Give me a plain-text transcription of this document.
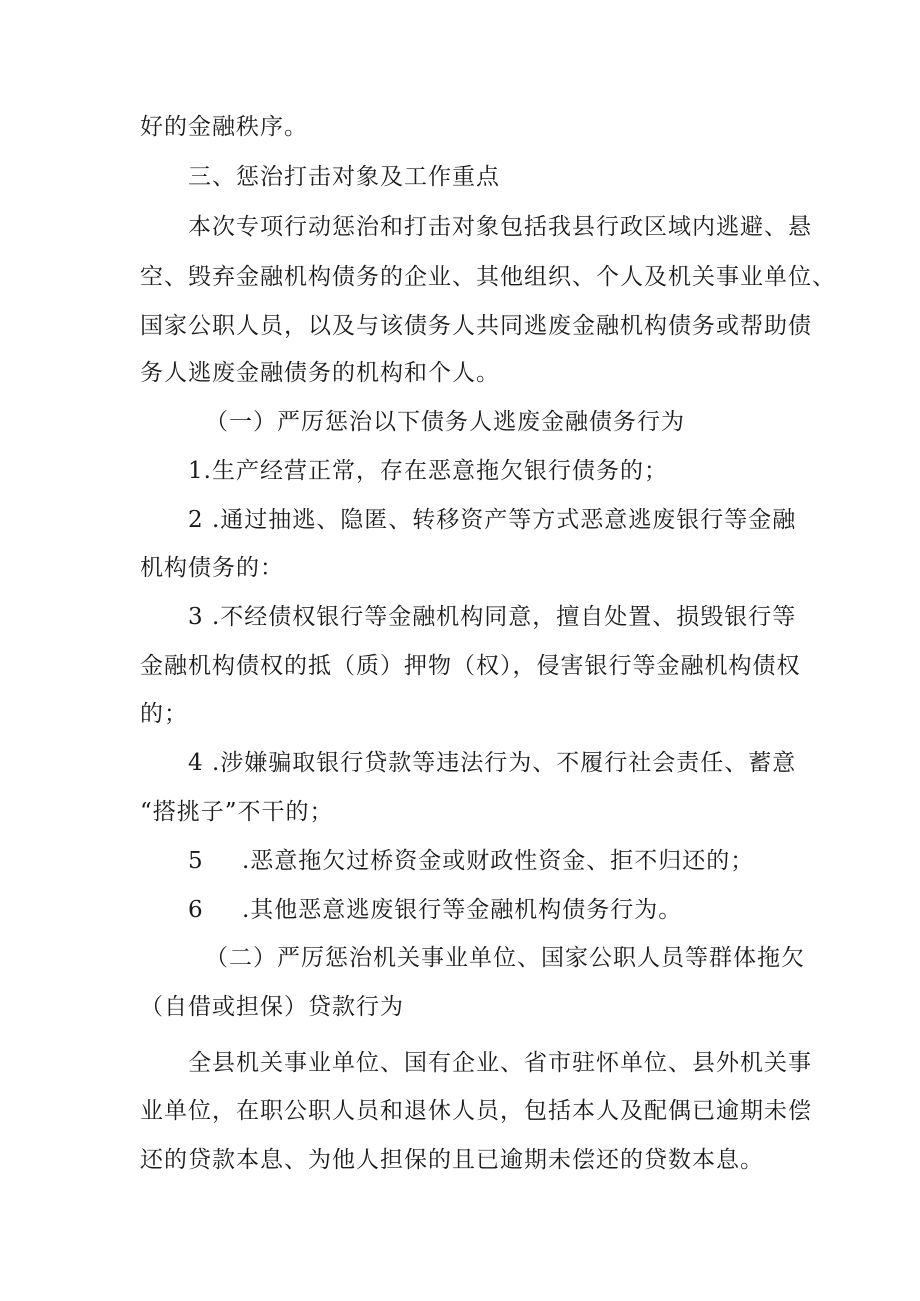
好的金融秩序。
三、惩治打击对象及工作重点
本次专项行动惩治和打击对象包括我县行政区域内逃避、悬
空、毁弃金融机构债务的企业、其他组织、个人及机关事业单位、
国家公职人员，以及与该债务人共同逃废金融机构债务或帮助债
务人逃废金融债务的机构和个人。
（一）严厉惩治以下债务人逃废金融债务行为
1.生产经营正常，存在恶意拖欠银行债务的；
2 .通过抽逃、隐匿、转移资产等方式恶意逃废银行等金融
机构债务的：
3 .不经债权银行等金融机构同意，擅自处置、损毁银行等
金融机构债权的抵（质）押物（权），侵害银行等金融机构债权
的；
4 .涉嫌骗取银行贷款等违法行为、不履行社会责任、蓄意
“搭挑子”不干的；
5 .恶意拖欠过桥资金或财政性资金、拒不归还的；
6 .其他恶意逃废银行等金融机构债务行为。
（二）严厉惩治机关事业单位、国家公职人员等群体拖欠
（自借或担保）贷款行为
全县机关事业单位、国有企业、省市驻怀单位、县外机关事
业单位，在职公职人员和退休人员，包括本人及配偶已逾期未偿
还的贷款本息、为他人担保的且已逾期未偿还的贷数本息。
